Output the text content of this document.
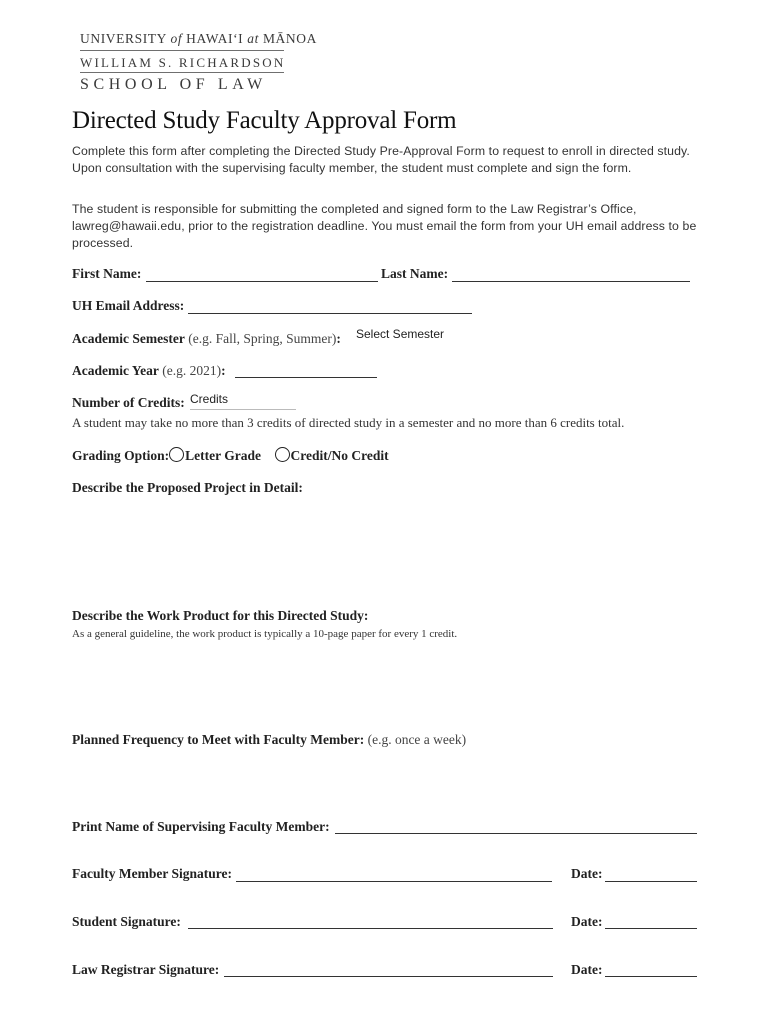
UNIVERSITY of HAWAI‘I at MĀNOA
WILLIAM S. RICHARDSON
SCHOOL OF LAW
Directed Study Faculty Approval Form
Complete this form after completing the Directed Study Pre-Approval Form to request to enroll in directed study. Upon consultation with the supervising faculty member, the student must complete and sign the form.
The student is responsible for submitting the completed and signed form to the Law Registrar’s Office, lawreg@hawaii.edu, prior to the registration deadline. You must email the form from your UH email address to be processed.
First Name:	Last Name:
UH Email Address:
Academic Semester (e.g. Fall, Spring, Summer): Select Semester
Academic Year (e.g. 2021):
Number of Credits: Credits
A student may take no more than 3 credits of directed study in a semester and no more than 6 credits total.
Grading Option: Letter Grade Credit/No Credit
Describe the Proposed Project in Detail:
Describe the Work Product for this Directed Study:
As a general guideline, the work product is typically a 10-page paper for every 1 credit.
Planned Frequency to Meet with Faculty Member: (e.g. once a week)
Print Name of Supervising Faculty Member:
Faculty Member Signature:	Date:
Student Signature:	Date:
Law Registrar Signature:	Date:
